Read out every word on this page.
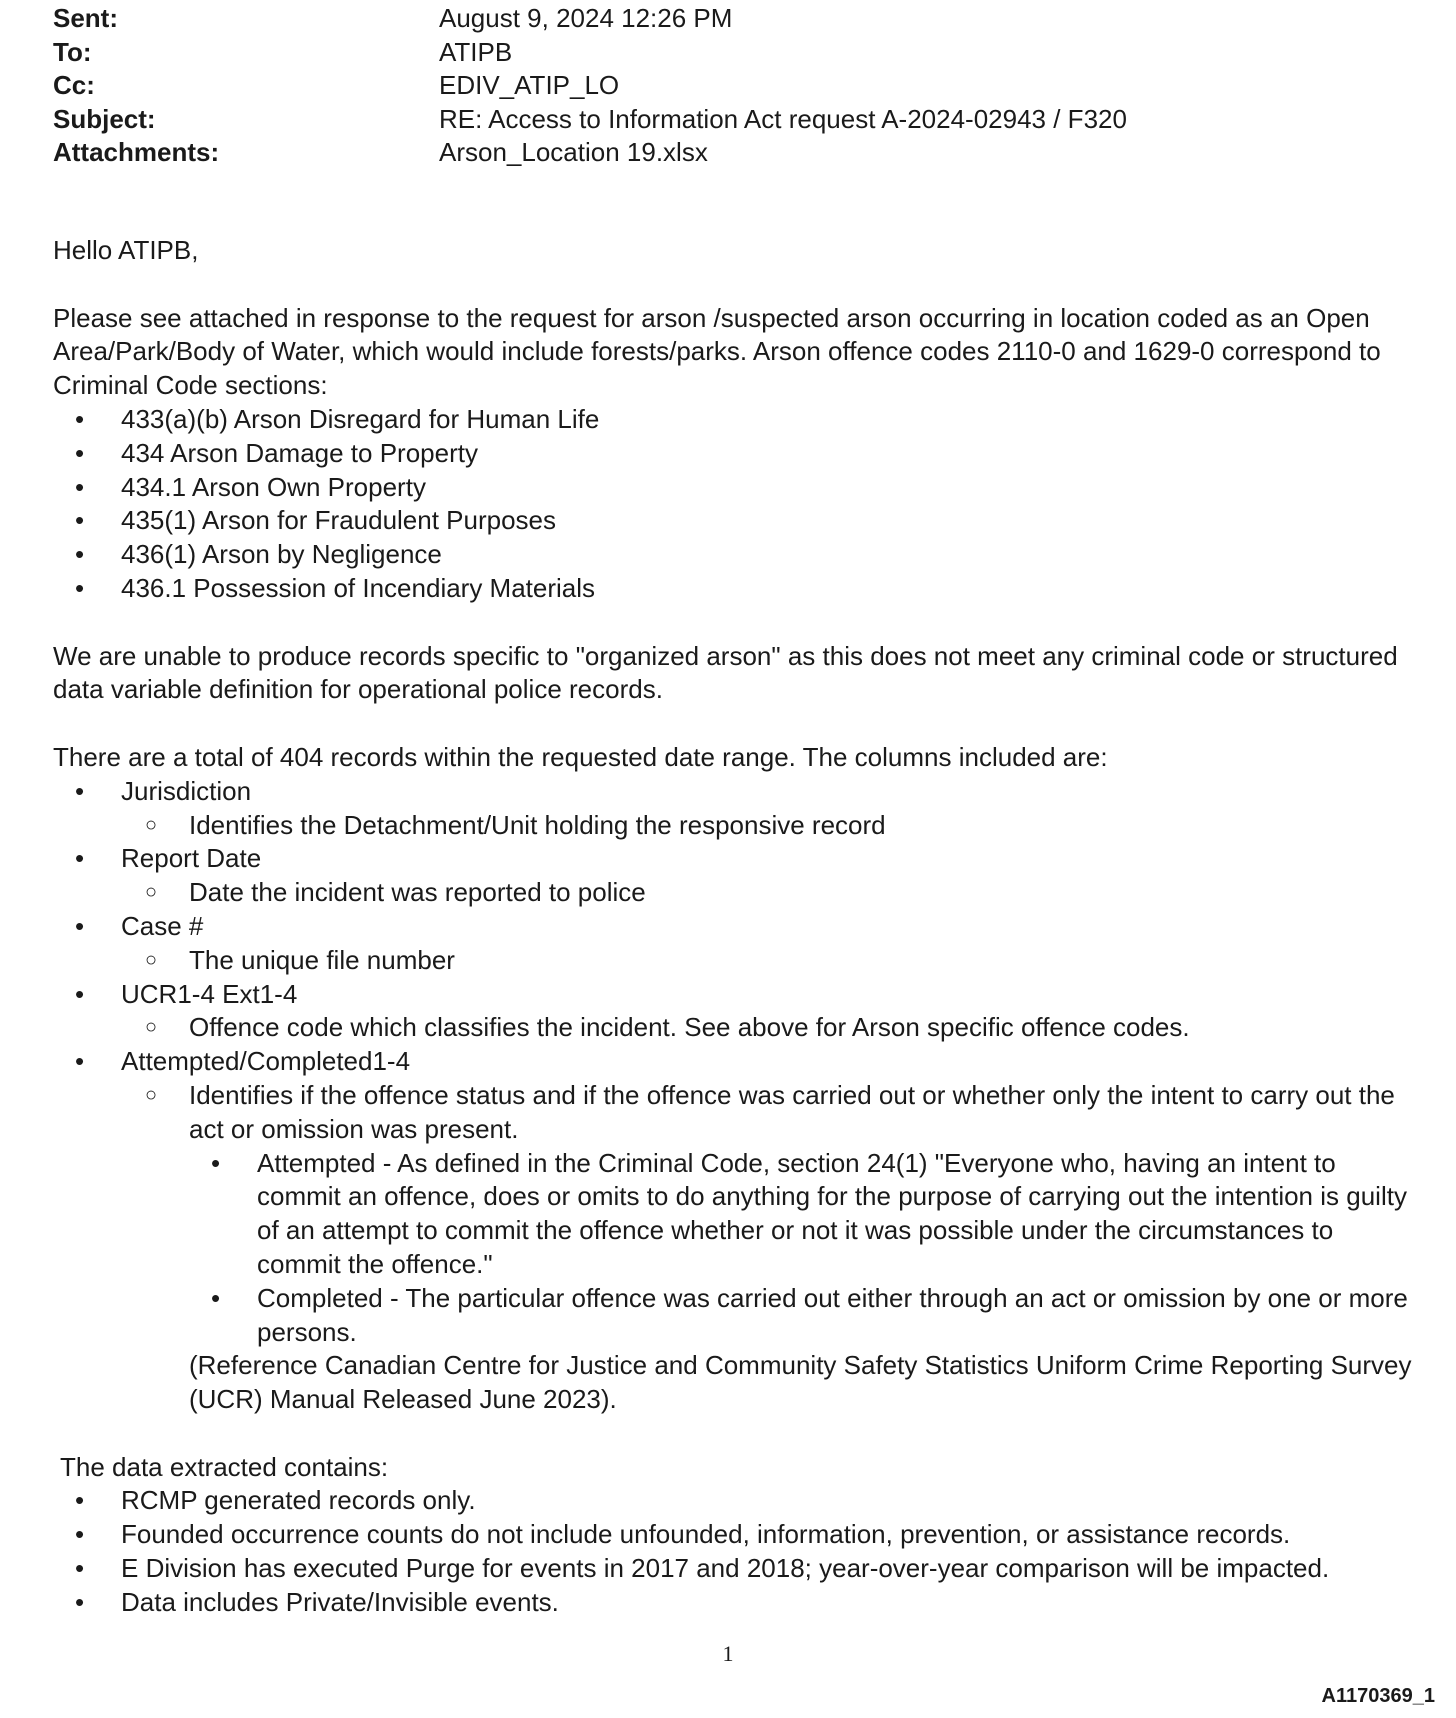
Sent:	August 9, 2024 12:26 PM
To:	ATIPB
Cc:	EDIV_ATIP_LO
Subject:	RE: Access to Information Act request A-2024-02943 / F320
Attachments:	Arson_Location 19.xlsx

Hello ATIPB,

Please see attached in response to the request for arson /suspected arson occurring in location coded as an Open Area/Park/Body of Water, which would include forests/parks. Arson offence codes 2110-0 and 1629-0 correspond to Criminal Code sections:

• 433(a)(b) Arson Disregard for Human Life
• 434 Arson Damage to Property
• 434.1 Arson Own Property
• 435(1) Arson for Fraudulent Purposes
• 436(1) Arson by Negligence
• 436.1 Possession of Incendiary Materials

We are unable to produce records specific to "organized arson" as this does not meet any criminal code or structured data variable definition for operational police records.

There are a total of 404 records within the requested date range. The columns included are:

• Jurisdiction
○ Identifies the Detachment/Unit holding the responsive record
• Report Date
○ Date the incident was reported to police
• Case #
○ The unique file number
• UCR1-4 Ext1-4
○ Offence code which classifies the incident. See above for Arson specific offence codes.
• Attempted/Completed1-4
○ Identifies if the offence status and if the offence was carried out or whether only the intent to carry out the act or omission was present.
• Attempted - As defined in the Criminal Code, section 24(1) "Everyone who, having an intent to commit an offence, does or omits to do anything for the purpose of carrying out the intention is guilty of an attempt to commit the offence whether or not it was possible under the circumstances to commit the offence."
• Completed - The particular offence was carried out either through an act or omission by one or more persons.

(Reference Canadian Centre for Justice and Community Safety Statistics Uniform Crime Reporting Survey (UCR) Manual Released June 2023).

The data extracted contains:

• RCMP generated records only.
• Founded occurrence counts do not include unfounded, information, prevention, or assistance records.
• E Division has executed Purge for events in 2017 and 2018; year-over-year comparison will be impacted.
• Data includes Private/Invisible events.
1
A1170369_1
